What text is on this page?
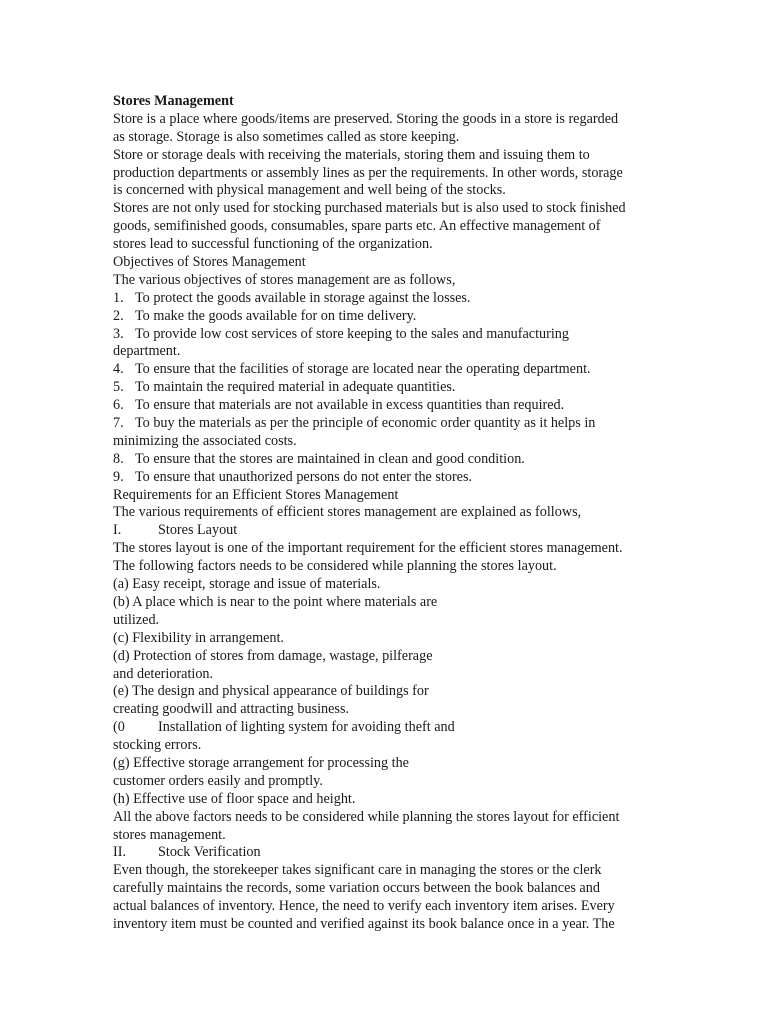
Stores Management
Store is a place where goods/items are preserved. Storing the goods in a store is regarded
as storage. Storage is also sometimes called as store keeping.
Store or storage deals with receiving the materials, storing them and issuing them to
production departments or assembly lines as per the requirements. In other words, storage
is concerned with physical management and well being of the stocks.
Stores are not only used for stocking purchased materials but is also used to stock finished
goods, semifinished goods, consumables, spare parts etc. An effective management of
stores lead to successful functioning of the organization.
Objectives of Stores Management
The various objectives of stores management are as follows,
1. To protect the goods available in storage against the losses.
2. To make the goods available for on time delivery.
3. To provide low cost services of store keeping to the sales and manufacturing
department.
4. To ensure that the facilities of storage are located near the operating department.
5. To maintain the required material in adequate quantities.
6. To ensure that materials are not available in excess quantities than required.
7. To buy the materials as per the principle of economic order quantity as it helps in
minimizing the associated costs.
8. To ensure that the stores are maintained in clean and good condition.
9. To ensure that unauthorized persons do not enter the stores.
Requirements for an Efficient Stores Management
The various requirements of efficient stores management are explained as follows,
I.	Stores Layout
The stores layout is one of the important requirement for the efficient stores management.
The following factors needs to be considered while planning the stores layout.
(a) Easy receipt, storage and issue of materials.
(b) A place which is near to the point where materials are
utilized.
(c) Flexibility in arrangement.
(d) Protection of stores from damage, wastage, pilferage
and deterioration.
(e) The design and physical appearance of buildings for
creating goodwill and attracting business.
(0 Installation of lighting system for avoiding theft and
stocking errors.
(g) Effective storage arrangement for processing the
customer orders easily and promptly.
(h) Effective use of floor space and height.
All the above factors needs to be considered while planning the stores layout for efficient
stores management.
II. Stock Verification
Even though, the storekeeper takes significant care in managing the stores or the clerk
carefully maintains the records, some variation occurs between the book balances and
actual balances of inventory. Hence, the need to verify each inventory item arises. Every
inventory item must be counted and verified against its book balance once in a year. The
